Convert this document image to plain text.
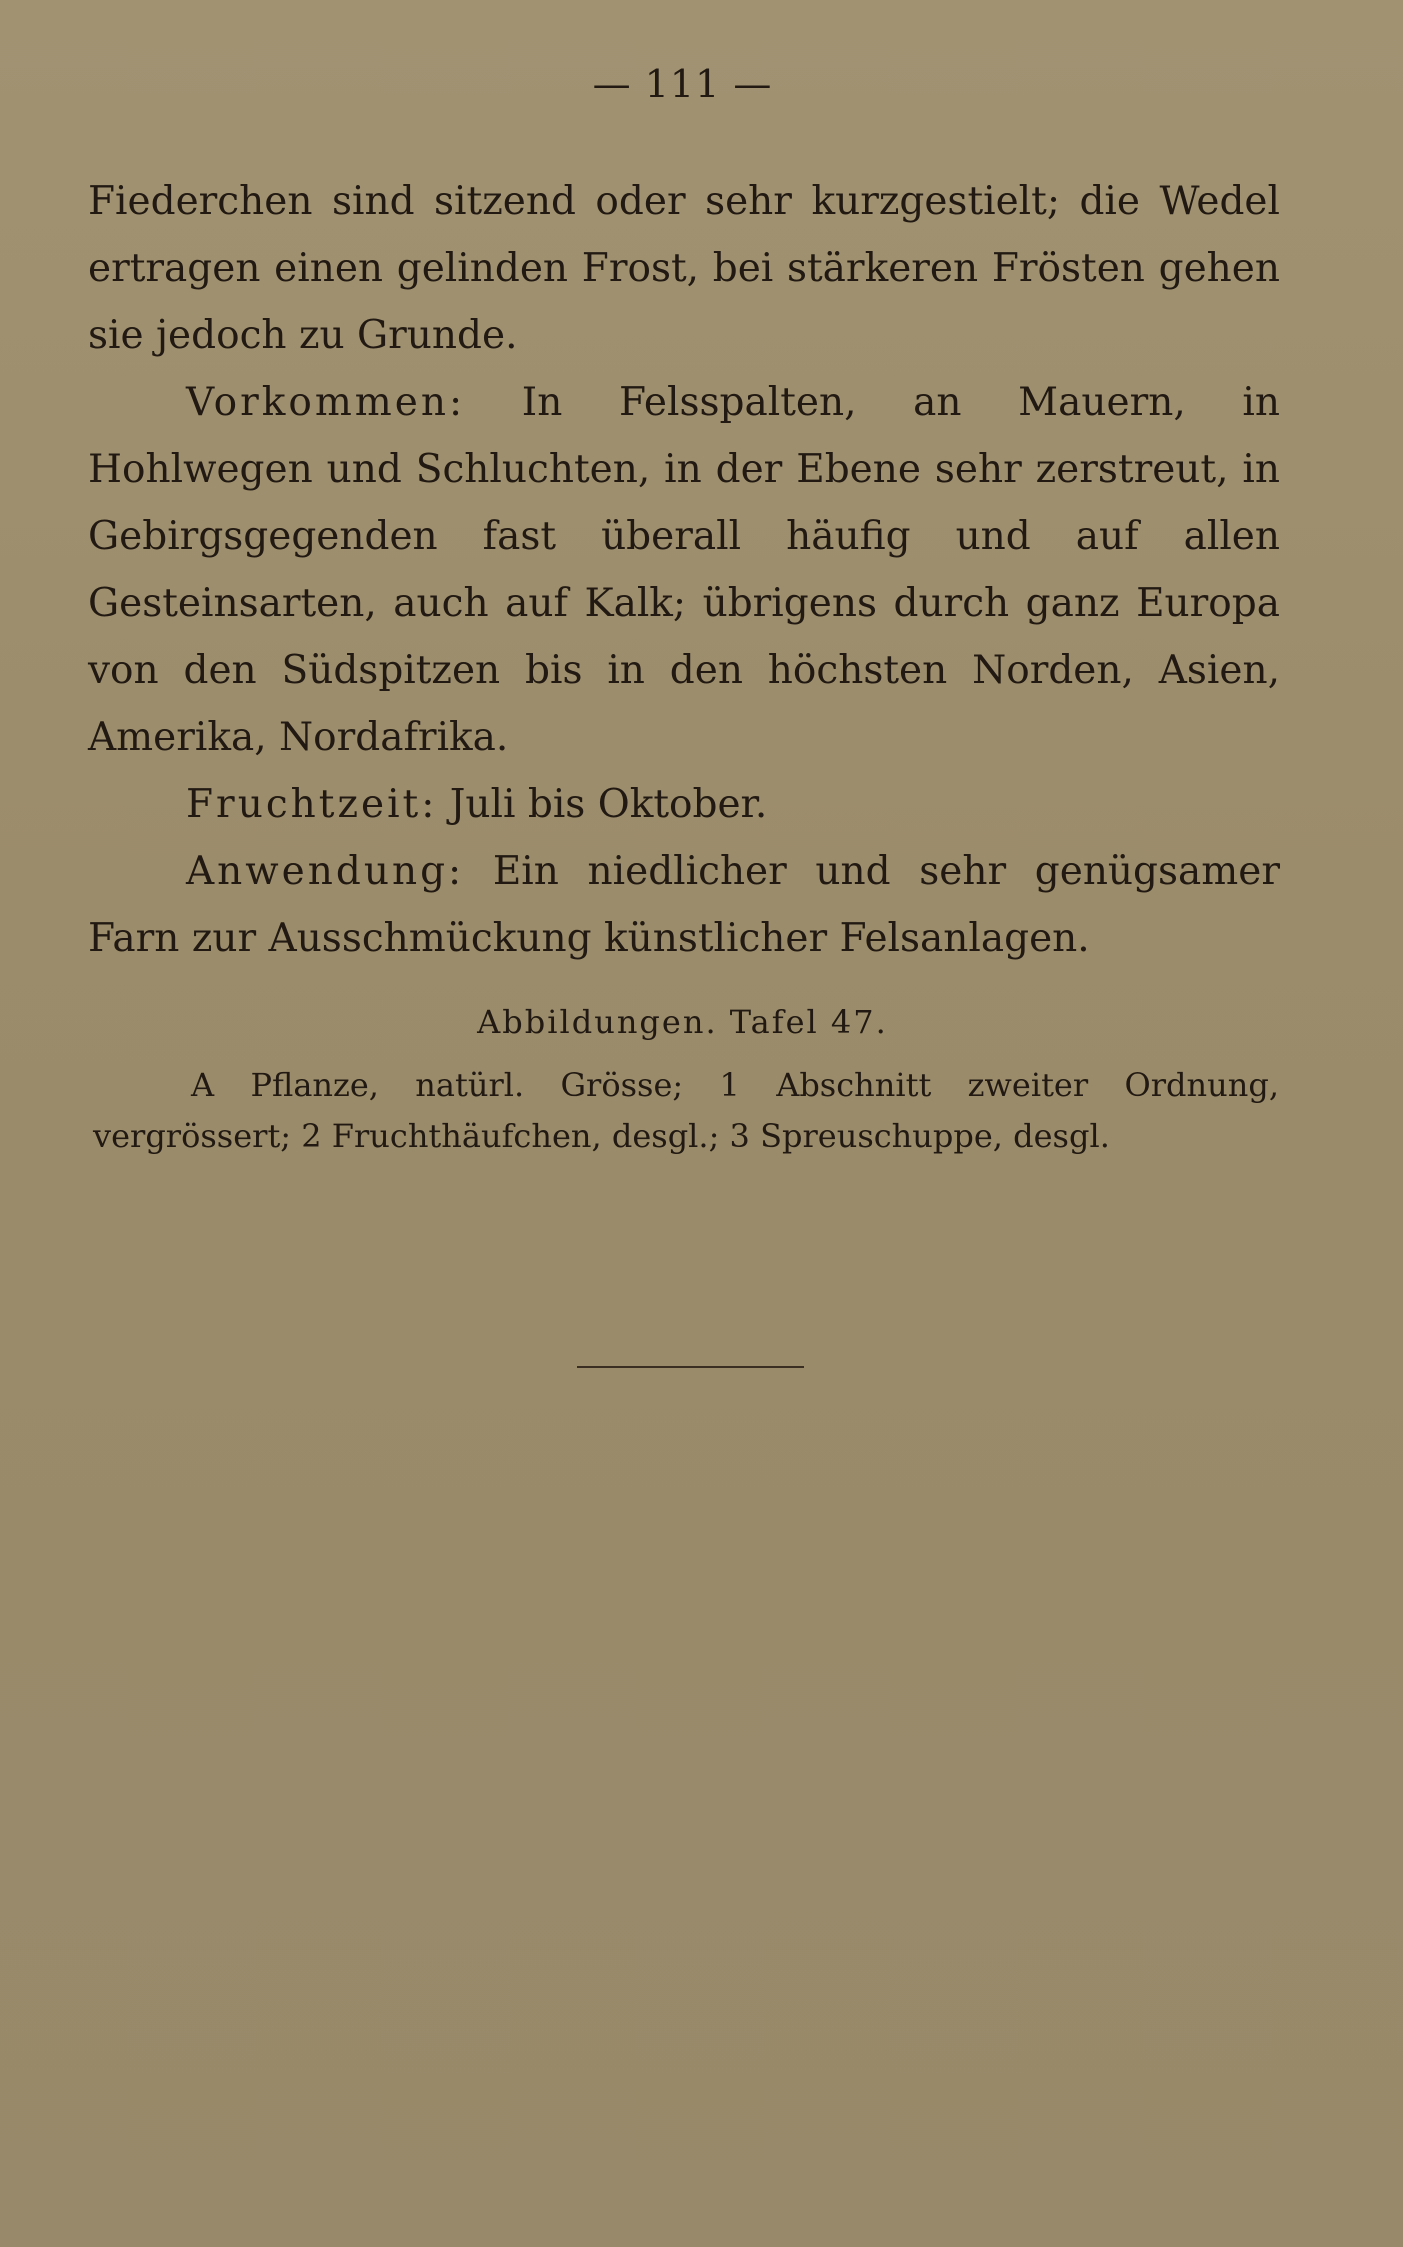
— 111 —

Fiederchen sind sitzend oder sehr kurzgestielt; die Wedel ertragen einen gelinden Frost, bei stärkeren Frösten gehen sie jedoch zu Grunde.

Vorkommen: In Felsspalten, an Mauern, in Hohlwegen und Schluchten, in der Ebene sehr zerstreut, in Gebirgsgegenden fast überall häufig und auf allen Gesteinsarten, auch auf Kalk; übrigens durch ganz Europa von den Südspitzen bis in den höchsten Norden, Asien, Amerika, Nordafrika.

Fruchtzeit: Juli bis Oktober.

Anwendung: Ein niedlicher und sehr genügsamer Farn zur Ausschmückung künstlicher Felsanlagen.

Abbildungen. Tafel 47.

A Pflanze, natürl. Grösse; 1 Abschnitt zweiter Ordnung, vergrössert; 2 Fruchthäufchen, desgl.; 3 Spreuschuppe, desgl.
